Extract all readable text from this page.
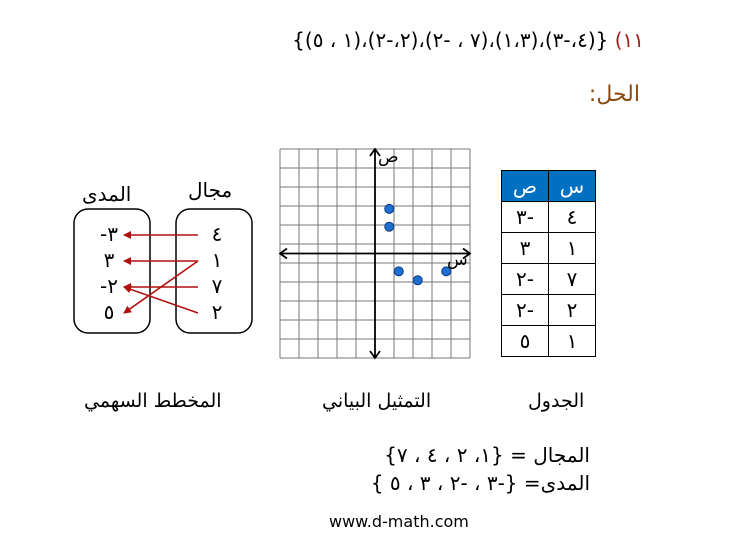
١١) {(٤،-٣)،(١،٣)،(٧ ، -٢)،(٢،-٢)،(١ ، ٥)}
الحل:
س	ص
٤	-٣
١	٣
٧	-٢
٢	-٢
١	٥
ص
س
مجال
المدى
٤
١
٧
٢
-٣
٣
-٢
٥
الجدول
التمثيل البياني
المخطط السهمي
المجال = {١، ٢ ، ٤ ، ٧}
المدى= {-٣ ، -٢ ، ٣ ، ٥ }
www.d-math.com
